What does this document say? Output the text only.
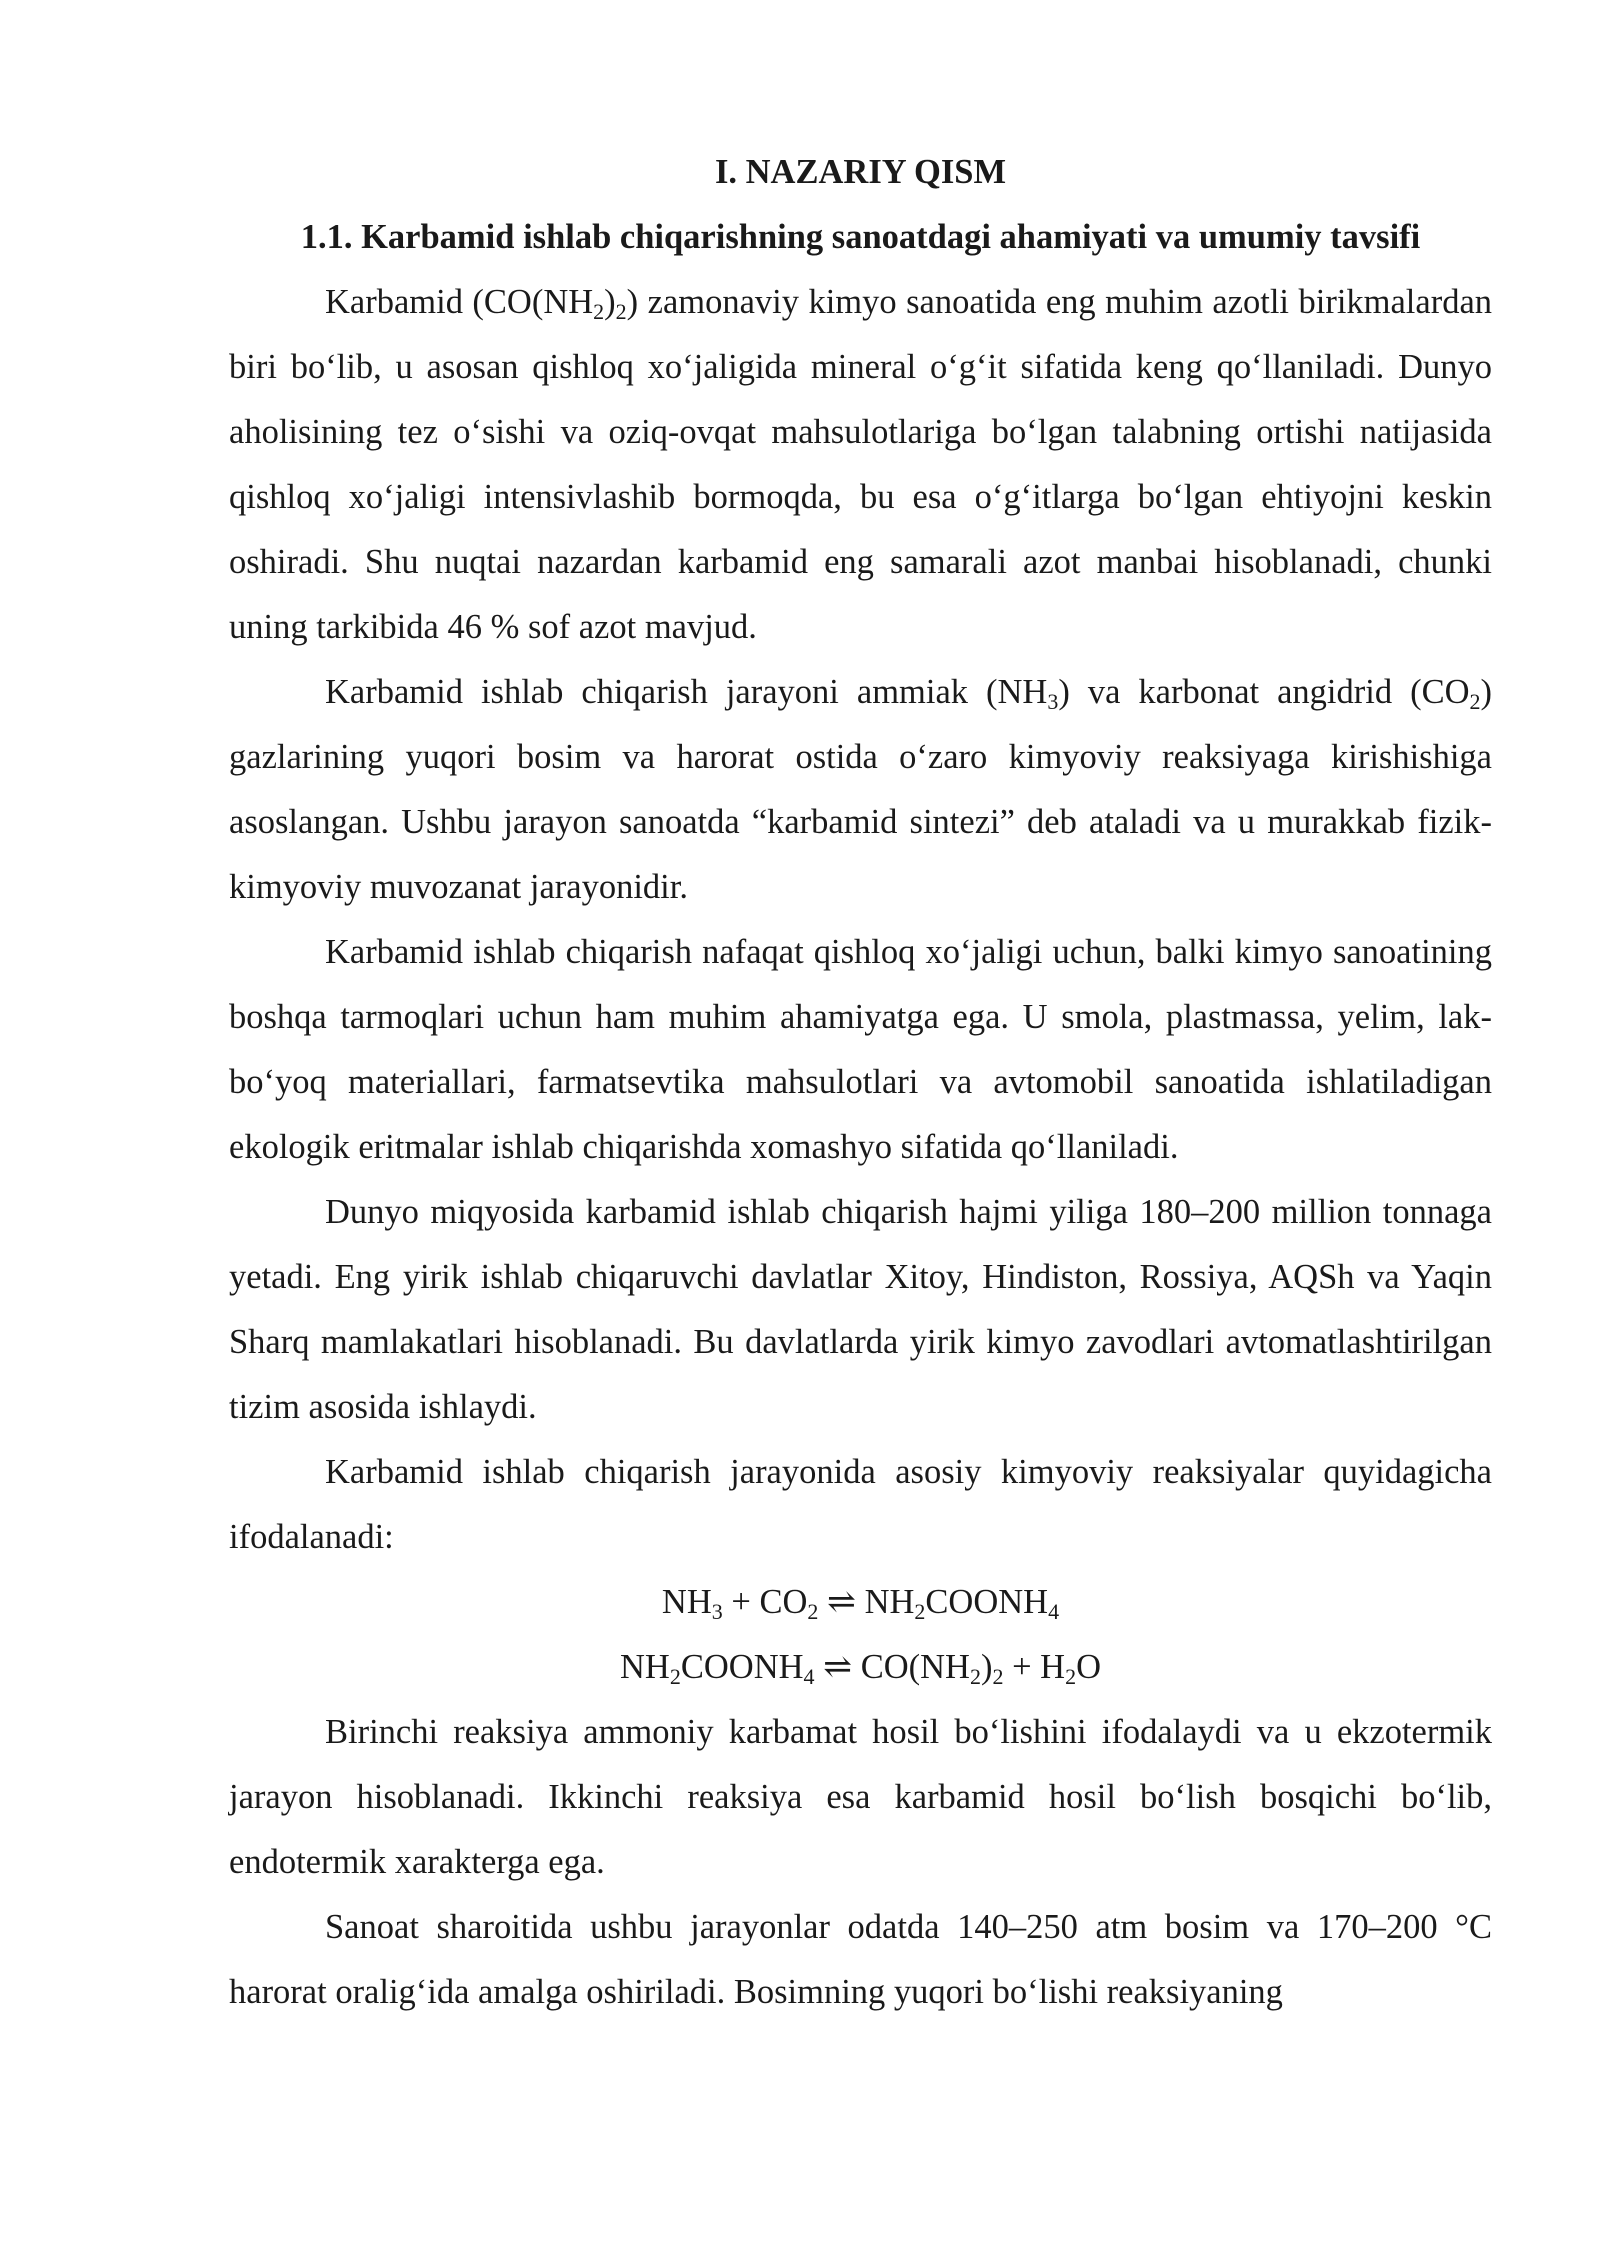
I. NAZARIY QISM

1.1. Karbamid ishlab chiqarishning sanoatdagi ahamiyati va umumiy tavsifi

Karbamid $(CO(NH_2)_2)$ zamonaviy kimyo sanoatida eng muhim azotli birikmalardan biri bo‘lib, u asosan qishloq xo‘jaligida mineral o‘g‘it sifatida keng qo‘llaniladi. Dunyo aholisining tez o‘sishi va oziq-ovqat mahsulotlariga bo‘lgan talabning ortishi natijasida qishloq xo‘jaligi intensivlashib bormoqda, bu esa o‘g‘itlarga bo‘lgan ehtiyojni keskin oshiradi. Shu nuqtai nazardan karbamid eng samarali azot manbai hisoblanadi, chunki uning tarkibida 46 % sof azot mavjud.

Karbamid ishlab chiqarish jarayoni ammiak $(NH_3)$ va karbonat angidrid $(CO_2)$ gazlarining yuqori bosim va harorat ostida o‘zaro kimyoviy reaksiyaga kirishishiga asoslangan. Ushbu jarayon sanoatda “karbamid sintezi” deb ataladi va u murakkab fizik-kimyoviy muvozanat jarayonidir.

Karbamid ishlab chiqarish nafaqat qishloq xo‘jaligi uchun, balki kimyo sanoatining boshqa tarmoqlari uchun ham muhim ahamiyatga ega. U smola, plastmassa, yelim, lak-bo‘yoq materiallari, farmatsevtika mahsulotlari va avtomobil sanoatida ishlatiladigan ekologik eritmalar ishlab chiqarishda xomashyo sifatida qo‘llaniladi.

Dunyo miqyosida karbamid ishlab chiqarish hajmi yiliga 180–200 million tonnaga yetadi. Eng yirik ishlab chiqaruvchi davlatlar Xitoy, Hindiston, Rossiya, AQSh va Yaqin Sharq mamlakatlari hisoblanadi. Bu davlatlarda yirik kimyo zavodlari avtomatlashtirilgan tizim asosida ishlaydi.

Karbamid ishlab chiqarish jarayonida asosiy kimyoviy reaksiyalar quyidagicha ifodalanadi:

$NH_3 + CO_2$ ⇌ $NH_2COONH_4$

$NH_2COONH_4$ ⇌ $CO(NH_2)_2 + H_2O$

Birinchi reaksiya ammoniy karbamat hosil bo‘lishini ifodalaydi va u ekzotermik jarayon hisoblanadi. Ikkinchi reaksiya esa karbamid hosil bo‘lish bosqichi bo‘lib, endotermik xarakterga ega.

Sanoat sharoitida ushbu jarayonlar odatda 140–250 atm bosim va 170–200 °C harorat oralig‘ida amalga oshiriladi. Bosimning yuqori bo‘lishi reaksiyaning
